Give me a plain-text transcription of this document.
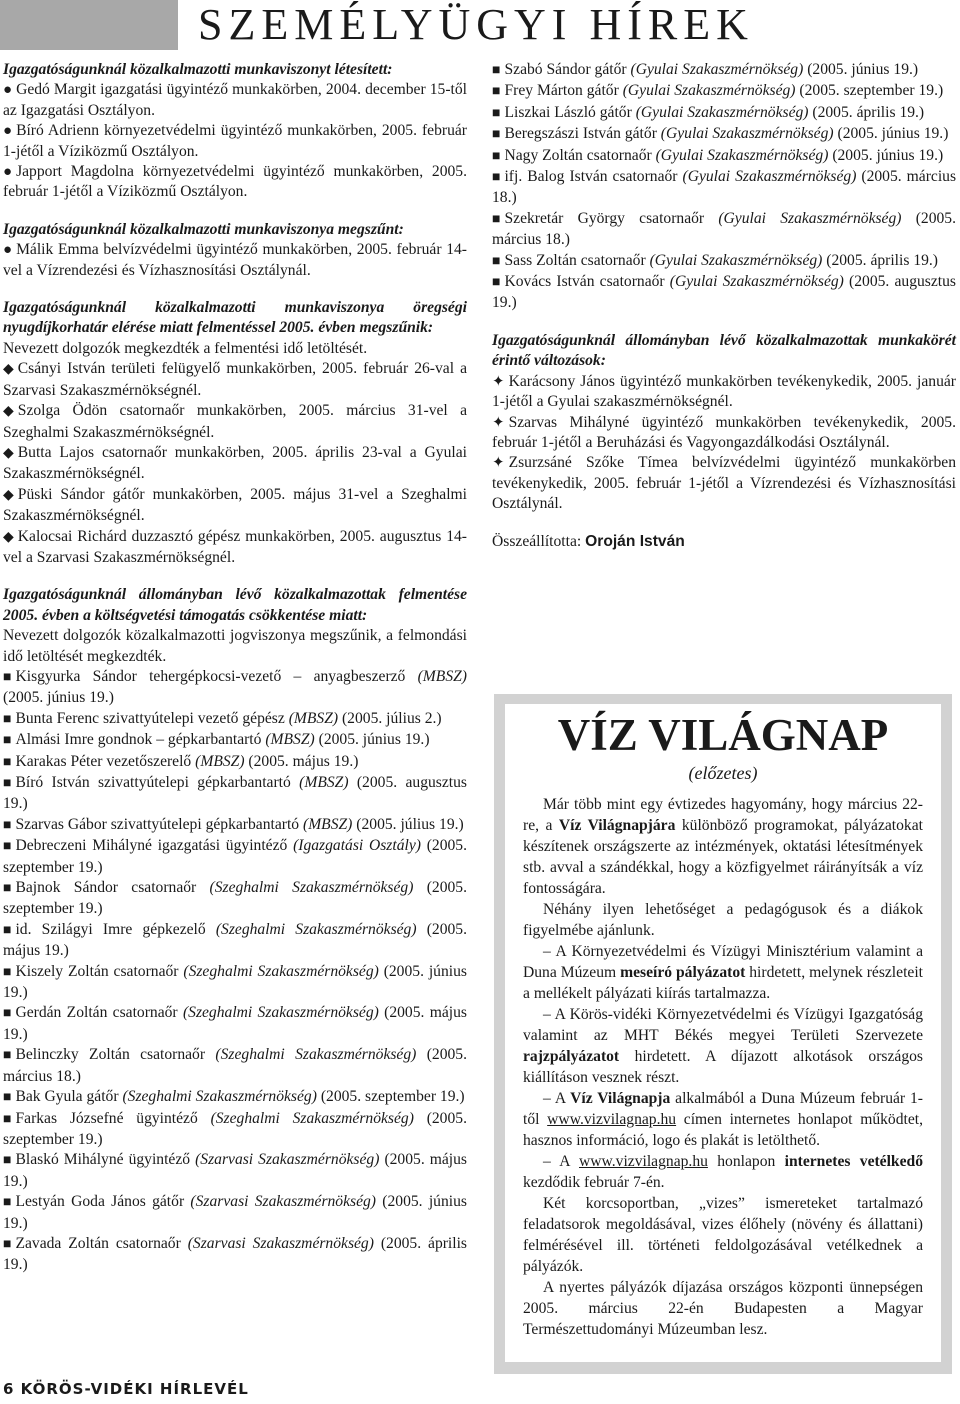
SZEMÉLYÜGYI HÍREK

Igazgatóságunknál közalkalmazotti munkaviszonyt létesített:
● Gedó Margit igazgatási ügyintéző munkakörben, 2004. december 15-től az Igazgatási Osztályon.
● Bíró Adrienn környezetvédelmi ügyintéző munkakörben, 2005. február 1-jétől a Víziközmű Osztályon.
● Japport Magdolna környezetvédelmi ügyintéző munkakörben, 2005. február 1-jétől a Víziközmű Osztályon.

Igazgatóságunknál közalkalmazotti munkaviszonya megszűnt:
● Málik Emma belvízvédelmi ügyintéző munkakörben, 2005. február 14-vel a Vízrendezési és Vízhasznosítási Osztálynál.

Igazgatóságunknál közalkalmazotti munkaviszonya öregségi nyugdíjkorhatár elérése miatt felmentéssel 2005. évben megszűnik:
Nevezett dolgozók megkezdték a felmentési idő letöltését.
◆ Csányi István területi felügyelő munkakörben, 2005. február 26-val a Szarvasi Szakaszmérnökségnél.
◆ Szolga Ödön csatornaőr munkakörben, 2005. március 31-vel a Szeghalmi Szakaszmérnökségnél.
◆ Butta Lajos csatornaőr munkakörben, 2005. április 23-val a Gyulai Szakaszmérnökségnél.
◆ Püski Sándor gátőr munkakörben, 2005. május 31-vel a Szeghalmi Szakaszmérnökségnél.
◆ Kalocsai Richárd duzzasztó gépész munkakörben, 2005. augusztus 14-vel a Szarvasi Szakaszmérnökségnél.

Igazgatóságunknál állományban lévő közalkalmazottak felmentése 2005. évben a költségvetési támogatás csökkentése miatt:
Nevezett dolgozók közalkalmazotti jogviszonya megszűnik, a felmondási idő letöltését megkezdték.

■ Kisgyurka Sándor tehergépkocsi-vezető – anyagbeszerző (MBSZ) (2005. június 19.)

■ Bunta Ferenc szivattyútelepi vezető gépész (MBSZ) (2005. július 2.)

■ Almási Imre gondnok – gépkarbantartó (MBSZ) (2005. június 19.)

■ Karakas Péter vezetőszerelő (MBSZ) (2005. május 19.)

■ Bíró István szivattyútelepi gépkarbantartó (MBSZ) (2005. augusztus 19.)

■ Szarvas Gábor szivattyútelepi gépkarbantartó (MBSZ) (2005. július 19.)

■ Debreczeni Mihályné igazgatási ügyintéző (Igazgatási Osztály) (2005. szeptember 19.)

■ Bajnok Sándor csatornaőr (Szeghalmi Szakaszmérnökség) (2005. szeptember 19.)

■ id. Szilágyi Imre gépkezelő (Szeghalmi Szakaszmérnökség) (2005. május 19.)

■ Kiszely Zoltán csatornaőr (Szeghalmi Szakaszmérnökség) (2005. június 19.)

■ Gerdán Zoltán csatornaőr (Szeghalmi Szakaszmérnökség) (2005. május 19.)

■ Belinczky Zoltán csatornaőr (Szeghalmi Szakaszmérnökség) (2005. március 18.)

■ Bak Gyula gátőr (Szeghalmi Szakaszmérnökség) (2005. szeptember 19.)

■ Farkas Józsefné ügyintéző (Szeghalmi Szakaszmérnökség) (2005. szeptember 19.)

■ Blaskó Mihályné ügyintéző (Szarvasi Szakaszmérnökség) (2005. május 19.)

■ Lestyán Goda János gátőr (Szarvasi Szakaszmérnökség) (2005. június 19.)

■ Zavada Zoltán csatornaőr (Szarvasi Szakaszmérnökség) (2005. április 19.)

■ Szabó Sándor gátőr (Gyulai Szakaszmérnökség) (2005. június 19.)

■ Frey Márton gátőr (Gyulai Szakaszmérnökség) (2005. szeptember 19.)

■ Liszkai László gátőr (Gyulai Szakaszmérnökség) (2005. április 19.)

■ Beregszászi István gátőr (Gyulai Szakaszmérnökség) (2005. június 19.)

■ Nagy Zoltán csatornaőr (Gyulai Szakaszmérnökség) (2005. június 19.)

■ ifj. Balog István csatornaőr (Gyulai Szakaszmérnökség) (2005. március 18.)

■ Szekretár György csatornaőr (Gyulai Szakaszmérnökség) (2005. március 18.)

■ Sass Zoltán csatornaőr (Gyulai Szakaszmérnökség) (2005. április 19.)

■ Kovács István csatornaőr (Gyulai Szakaszmérnökség) (2005. augusztus 19.)

Igazgatóságunknál állományban lévő közalkalmazottak munkakörét érintő változások:
✦ Karácsony János ügyintéző munkakörben tevékenykedik, 2005. január 1-jétől a Gyulai szakaszmérnökségnél.
✦ Szarvas Mihályné ügyintéző munkakörben tevékenykedik, 2005. február 1-jétől a Beruházási és Vagyongazdálkodási Osztálynál.
✦ Zsurzsáné Szőke Tímea belvízvédelmi ügyintéző munkakörben tevékenykedik, 2005. február 1-jétől a Vízrendezési és Vízhasznosítási Osztálynál.

Összeállította: Oroján István

VÍZ VILÁGNAP
(előzetes)

Már több mint egy évtizedes hagyomány, hogy március 22-re, a Víz Világnapjára különböző programokat, pályázatokat készítenek országszerte az intézmények, oktatási létesítmények stb. avval a szándékkal, hogy a közfigyelmet ráirányítsák a víz fontosságára.

Néhány ilyen lehetőséget a pedagógusok és a diákok figyelmébe ajánlunk.

– A Környezetvédelmi és Vízügyi Minisztérium valamint a Duna Múzeum meseíró pályázatot hirdetett, melynek részleteit a mellékelt pályázati kiírás tartalmazza.

– A Körös-vidéki Környezetvédelmi és Vízügyi Igazgatóság valamint az MHT Békés megyei Területi Szervezete rajzpályázatot hirdetett. A díjazott alkotások országos kiállításon vesznek részt.

– A Víz Világnapja alkalmából a Duna Múzeum február 1-től www.vizvilagnap.hu címen internetes honlapot működtet, hasznos információ, logo és plakát is letölthető.

– A www.vizvilagnap.hu honlapon internetes vetélkedő kezdődik február 7-én.

Két korcsoportban, „vizes” ismereteket tartalmazó feladatsorok megoldásával, vizes élőhely (növény és állattani) felmérésével ill. történeti feldolgozásával vetélkednek a pályázók.

A nyertes pályázók díjazása országos központi ünnepségen 2005. március 22-én Budapesten a Magyar Természettudományi Múzeumban lesz.

6 KÖRÖS-VIDÉKI HÍRLEVÉL
